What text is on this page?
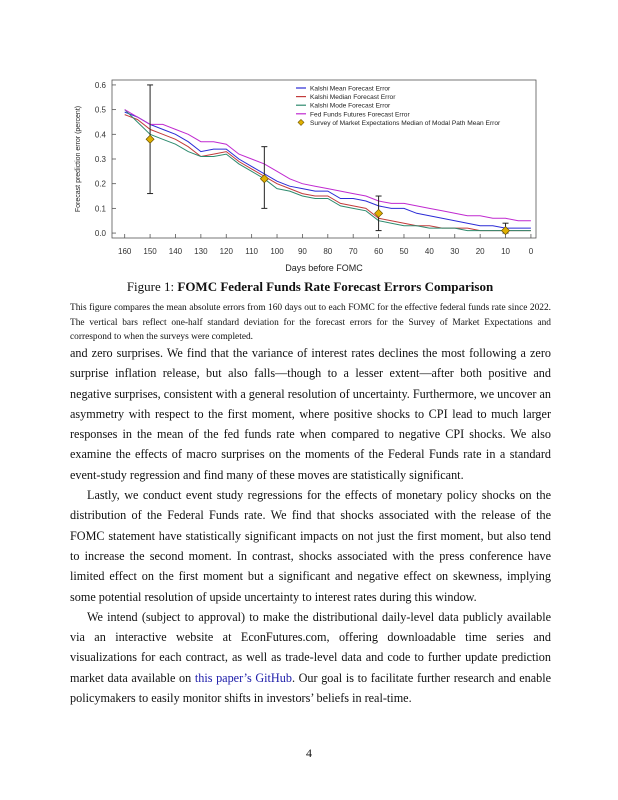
0.0
0.1
0.2
0.3
0.4
0.5
0.6
160 150 140 130 120 110 100 90 80 70 60 50 40 30 20 10 0
Days before FOMC
Forecast prediction error (percent)
Kalshi Mean Forecast Error
Kalshi Median Forecast Error
Kalshi Mode Forecast Error
Fed Funds Futures Forecast Error
Survey of Market Expectations Median of Modal Path Mean Error
Figure 1: FOMC Federal Funds Rate Forecast Errors Comparison
This figure compares the mean absolute errors from 160 days out to each FOMC for the effective federal funds rate since 2022. The vertical bars reflect one-half standard deviation for the forecast errors for the Survey of Market Expectations and correspond to when the surveys were completed.

and zero surprises. We find that the variance of interest rates declines the most following a zero surprise inflation release, but also falls—though to a lesser extent—after both positive and negative surprises, consistent with a general resolution of uncertainty. Furthermore, we uncover an asymmetry with respect to the first moment, where positive shocks to CPI lead to much larger responses in the mean of the fed funds rate when compared to negative CPI shocks. We also examine the effects of macro surprises on the moments of the Federal Funds rate in a standard event-study regression and find many of these moves are statistically significant.

Lastly, we conduct event study regressions for the effects of monetary policy shocks on the distribution of the Federal Funds rate. We find that shocks associated with the release of the FOMC statement have statistically significant impacts on not just the first moment, but also tend to increase the second moment. In contrast, shocks associated with the press conference have limited effect on the first moment but a significant and negative effect on skewness, implying some potential resolution of upside uncertainty to interest rates during this window.

We intend (subject to approval) to make the distributional daily-level data publicly available via an interactive website at EconFutures.com, offering downloadable time series and visualizations for each contract, as well as trade-level data and code to further update prediction market data available on this paper’s GitHub. Our goal is to facilitate further research and enable policymakers to easily monitor shifts in investors’ beliefs in real-time.

4
